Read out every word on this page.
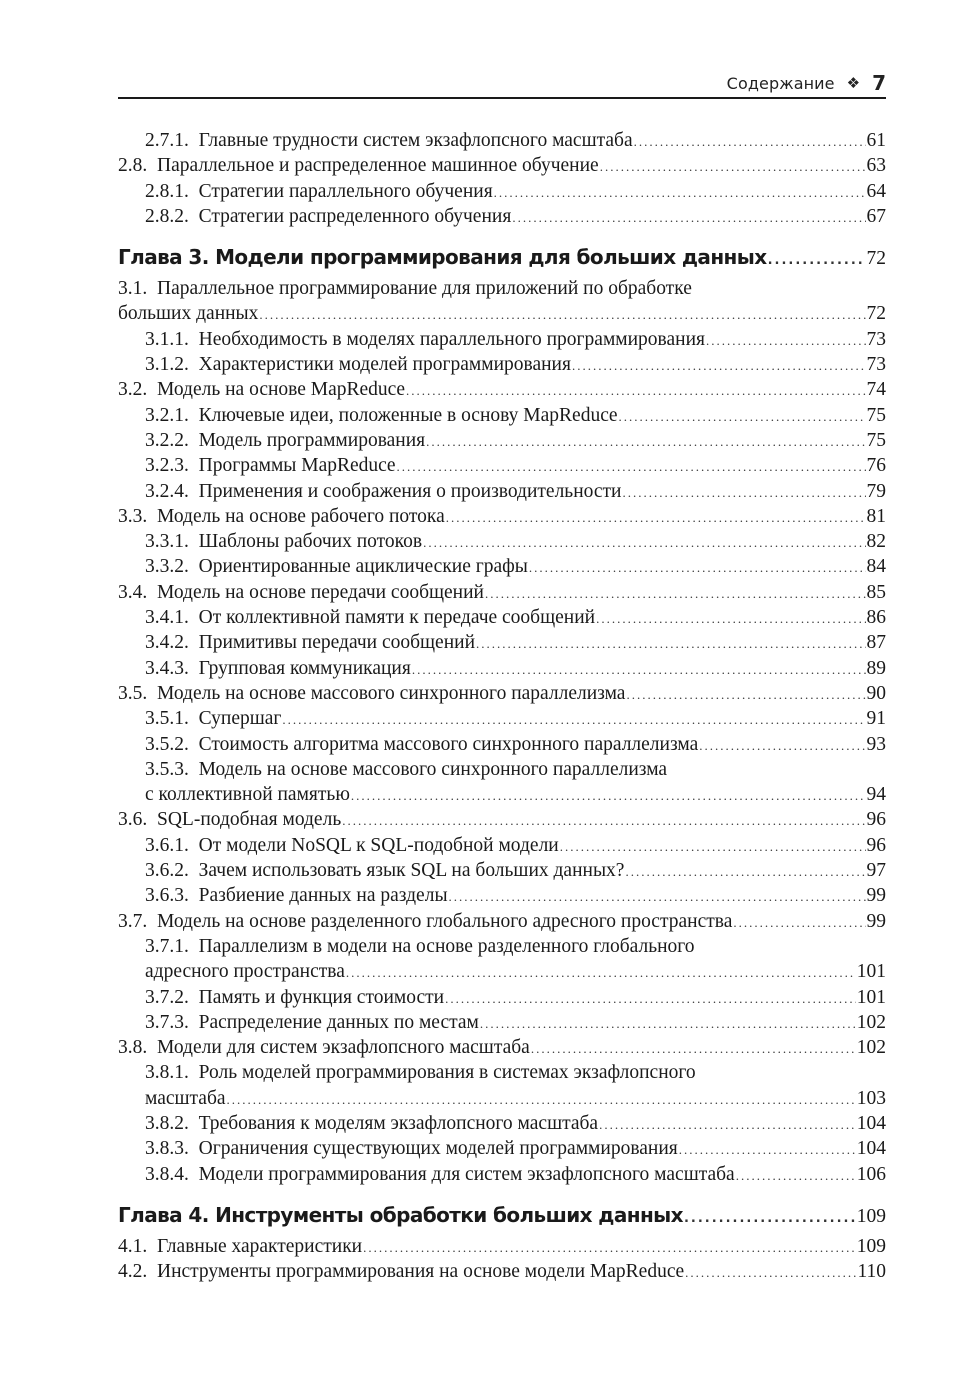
Содержание ❖ 7
2.7.1. Главные трудности систем экзафлопсного масштаба .....	61
2.8. Параллельное и распределенное машинное обучение .....	63
2.8.1. Стратегии параллельного обучения .....	64
2.8.2. Стратегии распределенного обучения .....	67
Глава 3. Модели программирования для больших данных .....	72
3.1. Параллельное программирование для приложений по обработке
больших данных .....	72
3.1.1. Необходимость в моделях параллельного программирования .....	73
3.1.2. Характеристики моделей программирования .....	73
3.2. Модель на основе MapReduce .....	74
3.2.1. Ключевые идеи, положенные в основу MapReduce .....	75
3.2.2. Модель программирования .....	75
3.2.3. Программы MapReduce .....	76
3.2.4. Применения и соображения о производительности .....	79
3.3. Модель на основе рабочего потока .....	81
3.3.1. Шаблоны рабочих потоков .....	82
3.3.2. Ориентированные ациклические графы .....	84
3.4. Модель на основе передачи сообщений .....	85
3.4.1. От коллективной памяти к передаче сообщений .....	86
3.4.2. Примитивы передачи сообщений .....	87
3.4.3. Групповая коммуникация .....	89
3.5. Модель на основе массового синхронного параллелизма .....	90
3.5.1. Супершаг .....	91
3.5.2. Стоимость алгоритма массового синхронного параллелизма .....	93
3.5.3. Модель на основе массового синхронного параллелизма
с коллективной памятью .....	94
3.6. SQL-подобная модель .....	96
3.6.1. От модели NoSQL к SQL-подобной модели .....	96
3.6.2. Зачем использовать язык SQL на больших данных? .....	97
3.6.3. Разбиение данных на разделы .....	99
3.7. Модель на основе разделенного глобального адресного пространства .....	99
3.7.1. Параллелизм в модели на основе разделенного глобального
адресного пространства .....	101
3.7.2. Память и функция стоимости .....	101
3.7.3. Распределение данных по местам .....	102
3.8. Модели для систем экзафлопсного масштаба .....	102
3.8.1. Роль моделей программирования в системах экзафлопсного
масштаба .....	103
3.8.2. Требования к моделям экзафлопсного масштаба .....	104
3.8.3. Ограничения существующих моделей программирования .....	104
3.8.4. Модели программирования для систем экзафлопсного масштаба .....	106
Глава 4. Инструменты обработки больших данных .....	109
4.1. Главные характеристики .....	109
4.2. Инструменты программирования на основе модели MapReduce .....	110
